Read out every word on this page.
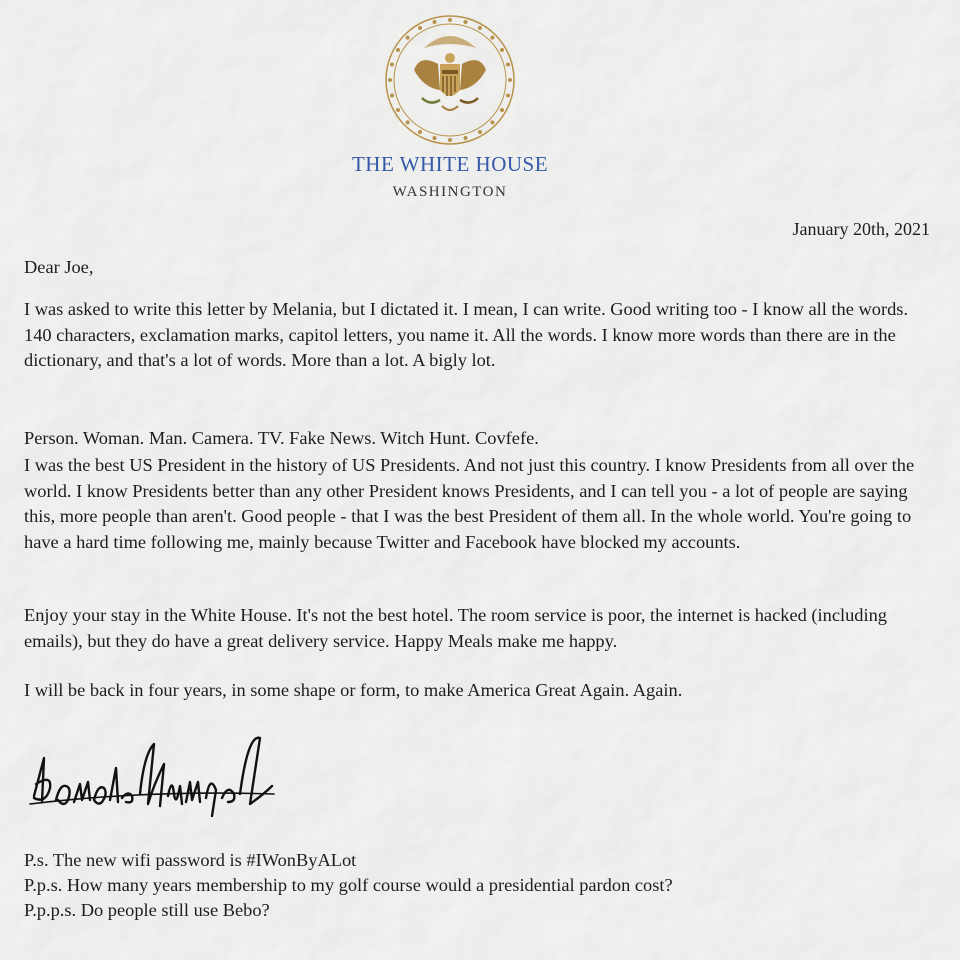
THE WHITE HOUSE
WASHINGTON
January 20th, 2021

Dear Joe,

I was asked to write this letter by Melania, but I dictated it. I mean, I can write. Good writing too - I know all the words. 140 characters, exclamation marks, capitol letters, you name it. All the words. I know more words than there are in the dictionary, and that's a lot of words. More than a lot. A bigly lot.

Person. Woman. Man. Camera. TV. Fake News. Witch Hunt. Covfefe.

I was the best US President in the history of US Presidents. And not just this country. I know Presidents from all over the world. I know Presidents better than any other President knows Presidents, and I can tell you - a lot of people are saying this, more people than aren't. Good people - that I was the best President of them all. In the whole world. You're going to have a hard time following me, mainly because Twitter and Facebook have blocked my accounts.

Enjoy your stay in the White House. It's not the best hotel. The room service is poor, the internet is hacked (including emails), but they do have a great delivery service. Happy Meals make me happy.

I will be back in four years, in some shape or form, to make America Great Again. Again.

P.s. The new wifi password is #IWonByALot

P.p.s. How many years membership to my golf course would a presidential pardon cost?

P.p.p.s. Do people still use Bebo?
